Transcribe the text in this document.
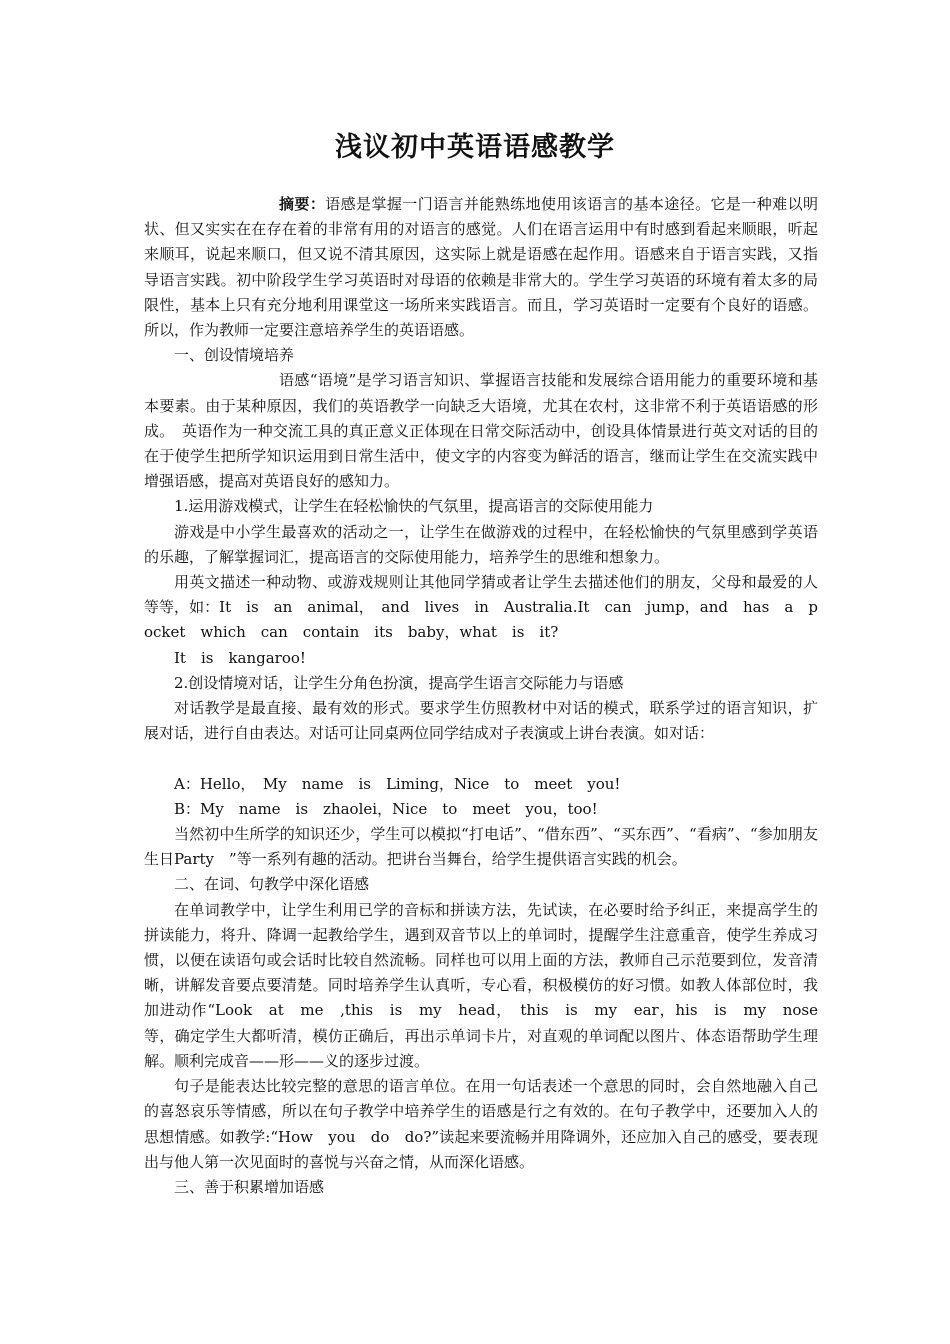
浅议初中英语语感教学

摘要：语感是掌握一门语言并能熟练地使用该语言的基本途径。它是一种难以明状、但又实实在在存在着的非常有用的对语言的感觉。人们在语言运用中有时感到看起来顺眼，听起来顺耳，说起来顺口，但又说不清其原因，这实际上就是语感在起作用。语感来自于语言实践，又指导语言实践。初中阶段学生学习英语时对母语的依赖是非常大的。学生学习英语的环境有着太多的局限性，基本上只有充分地利用课堂这一场所来实践语言。而且，学习英语时一定要有个良好的语感。所以，作为教师一定要注意培养学生的英语语感。

一、创设情境培养

语感“语境”是学习语言知识、掌握语言技能和发展综合语用能力的重要环境和基本要素。由于某种原因，我们的英语教学一向缺乏大语境，尤其在农村，这非常不利于英语语感的形成。　英语作为一种交流工具的真正意义正体现在日常交际活动中，创设具体情景进行英文对话的目的在于使学生把所学知识运用到日常生活中，使文字的内容变为鲜活的语言，继而让学生在交流实践中增强语感，提高对英语良好的感知力。

1.运用游戏模式，让学生在轻松愉快的气氛里，提高语言的交际使用能力

游戏是中小学生最喜欢的活动之一，让学生在做游戏的过程中，在轻松愉快的气氛里感到学英语的乐趣，了解掌握词汇，提高语言的交际使用能力，培养学生的思维和想象力。

用英文描述一种动物、或游戏规则让其他同学猜或者让学生去描述他们的朋友，父母和最爱的人等等，如：It　is　an　animal，　and　lives　in　Australia.It　can　jump，and　has　a　pocket　which　can　contain　its　baby，what　is　it?

It　is　kangaroo!

2.创设情境对话，让学生分角色扮演，提高学生语言交际能力与语感

对话教学是最直接、最有效的形式。要求学生仿照教材中对话的模式，联系学过的语言知识，扩展对话，进行自由表达。对话可让同桌两位同学结成对子表演或上讲台表演。如对话：

A：Hello，　My　name　is　Liming，Nice　to　meet　you!

B：My　name　is　zhaolei，Nice　to　meet　you，too!

当然初中生所学的知识还少，学生可以模拟“打电话”、“借东西”、“买东西”、“看病”、“参加朋友生日Party　”等一系列有趣的活动。把讲台当舞台，给学生提供语言实践的机会。

二、在词、句教学中深化语感

在单词教学中，让学生利用已学的音标和拼读方法，先试读，在必要时给予纠正，来提高学生的拼读能力，将升、降调一起教给学生，遇到双音节以上的单词时，提醒学生注意重音，使学生养成习惯，以便在读语句或会话时比较自然流畅。同样也可以用上面的方法，教师自己示范要到位，发音清晰，讲解发音要点要清楚。同时培养学生认真听，专心看，积极模仿的好习惯。如教人体部位时，我加进动作“Look　at　me　,this　is　my　head，　this　is　my　ear，his　is　my　nose等，确定学生大都听清，模仿正确后，再出示单词卡片，对直观的单词配以图片、体态语帮助学生理解。顺利完成音——形——义的逐步过渡。

句子是能表达比较完整的意思的语言单位。在用一句话表述一个意思的同时，会自然地融入自己的喜怒哀乐等情感，所以在句子教学中培养学生的语感是行之有效的。在句子教学中，还要加入人的思想情感。如教学:“How　you　do　do?”读起来要流畅并用降调外，还应加入自己的感受，要表现出与他人第一次见面时的喜悦与兴奋之情，从而深化语感。

三、善于积累增加语感
